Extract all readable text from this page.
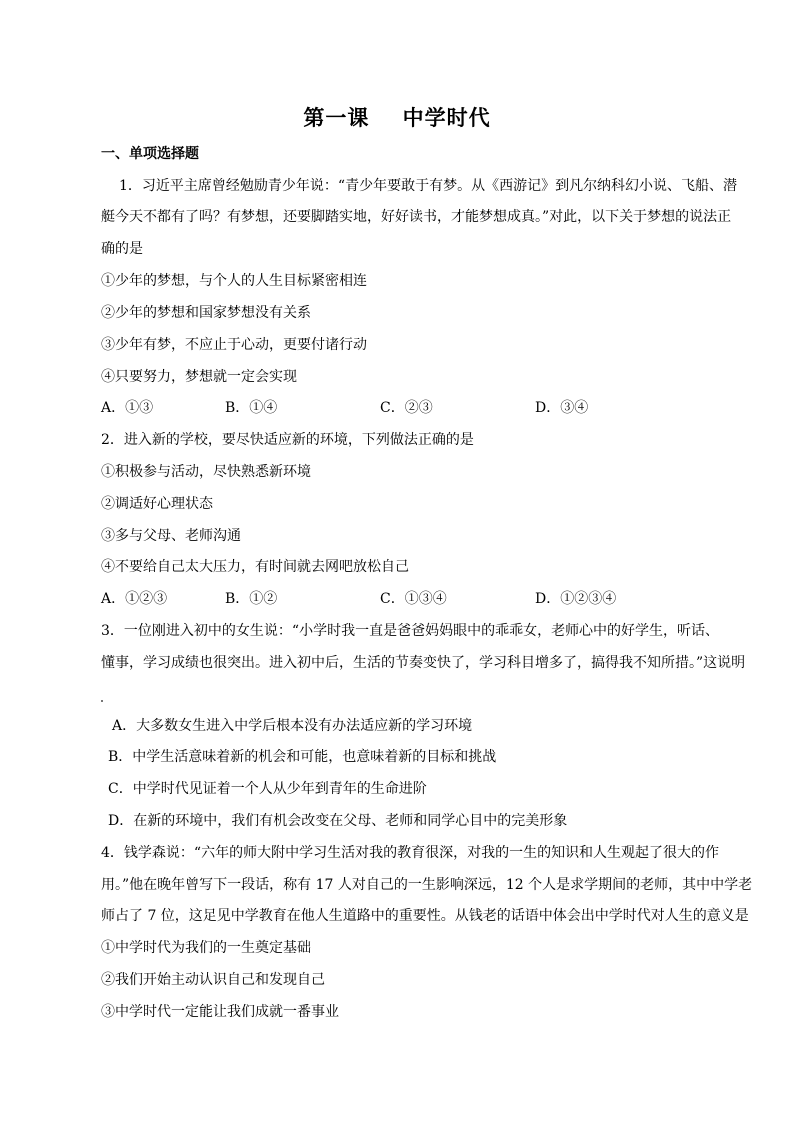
第一课    中学时代
一、单项选择题
1．习近平主席曾经勉励青少年说：“青少年要敢于有梦。从《西游记》到凡尔纳科幻小说、飞船、潜
艇今天不都有了吗？有梦想，还要脚踏实地，好好读书，才能梦想成真。”对此，以下关于梦想的说法正
确的是
①少年的梦想，与个人的人生目标紧密相连
②少年的梦想和国家梦想没有关系
③少年有梦，不应止于心动，更要付诸行动
④只要努力，梦想就一定会实现
A．①③	B．①④	C．②③	D．③④
2．进入新的学校，要尽快适应新的环境，下列做法正确的是
①积极参与活动，尽快熟悉新环境
②调适好心理状态
③多与父母、老师沟通
④不要给自己太大压力，有时间就去网吧放松自己
A．①②③	B．①②	C．①③④	D．①②③④
3．一位刚进入初中的女生说：“小学时我一直是爸爸妈妈眼中的乖乖女，老师心中的好学生，听话、
懂事，学习成绩也很突出。进入初中后，生活的节奏变快了，学习科目增多了，搞得我不知所措。”这说明
A．大多数女生进入中学后根本没有办法适应新的学习环境
B．中学生活意味着新的机会和可能，也意味着新的目标和挑战
C．中学时代见证着一个人从少年到青年的生命进阶
D．在新的环境中，我们有机会改变在父母、老师和同学心目中的完美形象
4．钱学森说：“六年的师大附中学习生活对我的教育很深，对我的一生的知识和人生观起了很大的作
用。”他在晚年曾写下一段话，称有 17 人对自己的一生影响深远，12 个人是求学期间的老师，其中中学老
师占了 7 位，这足见中学教育在他人生道路中的重要性。从钱老的话语中体会出中学时代对人生的意义是
①中学时代为我们的一生奠定基础
②我们开始主动认识自己和发现自己
③中学时代一定能让我们成就一番事业
